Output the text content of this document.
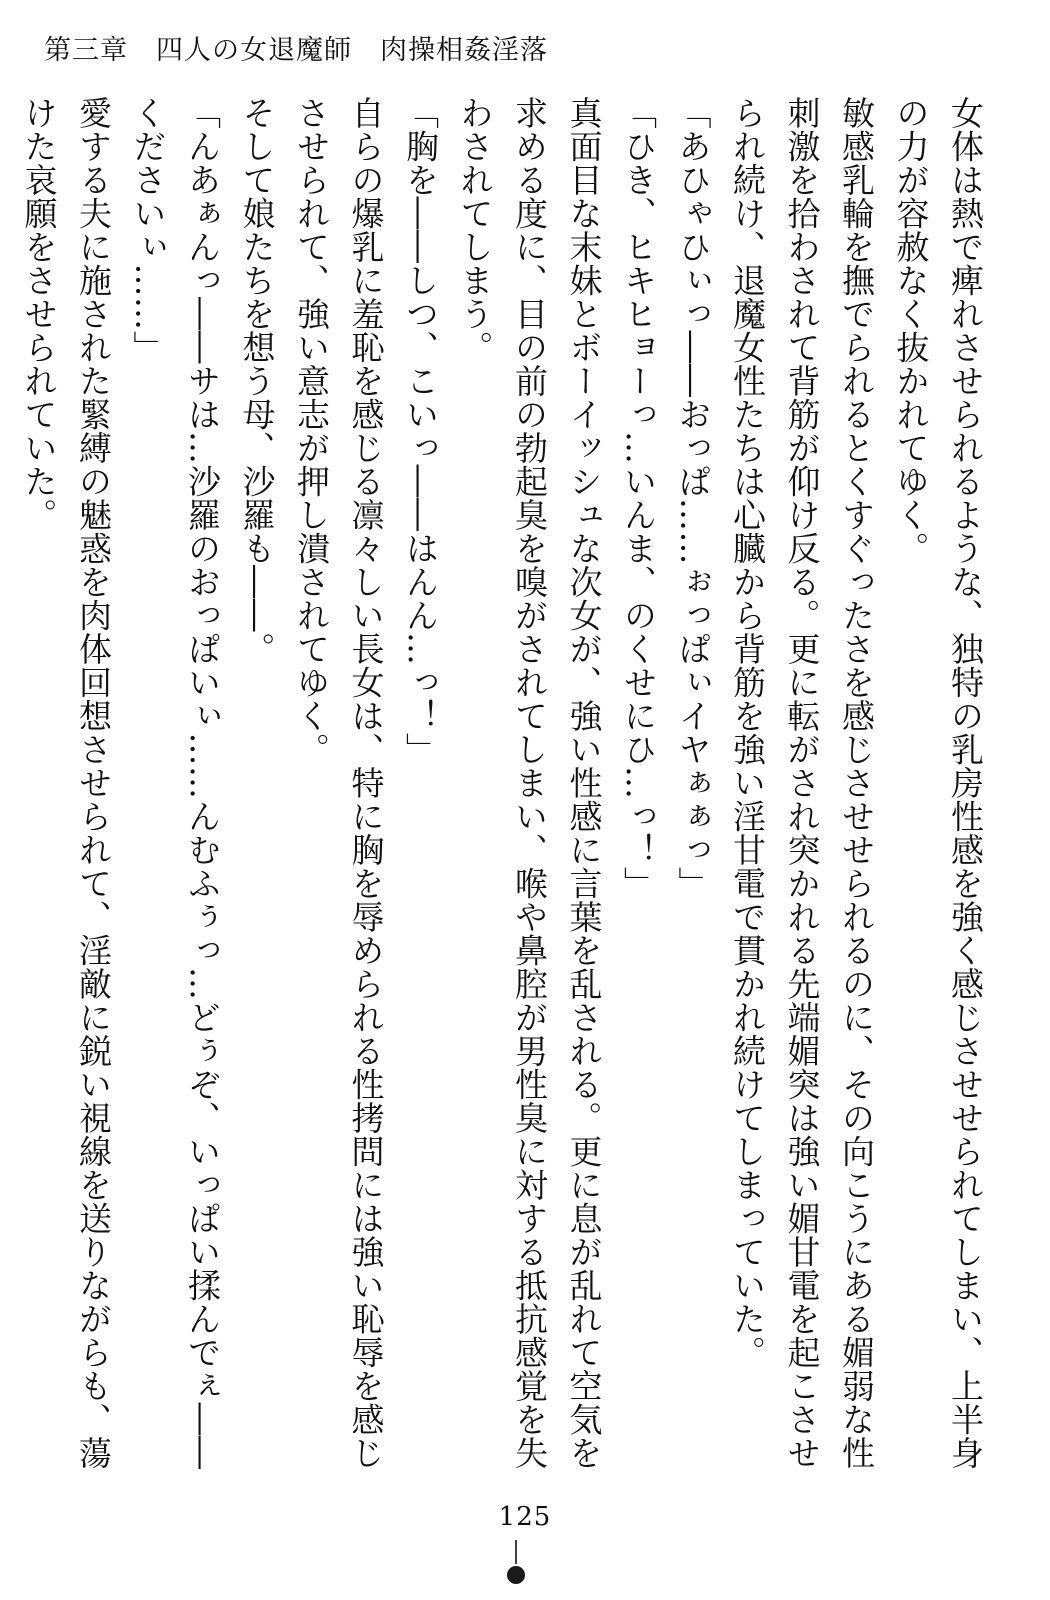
第三章　四人の女退魔師　肉操相姦淫落

女体は熱で痺れさせられるような、独特の乳房性感を強く感じさせせられてしまい、上半身の力が容赦なく抜かれてゆく。

敏感乳輪を撫でられるとくすぐったさを感じさせせられるのに、その向こうにある媚弱な性刺激を拾わされて背筋が仰け反る。更に転がされ突かれる先端媚突は強い媚甘電を起こさせられ続け、退魔女性たちは心臓から背筋を強い淫甘電で貫かれ続けてしまっていた。

「あひゃひぃっ――おっぱ……ぉっぱぃイヤぁぁっ」

「ひき、ヒキヒョーっ…いんま、のくせにひ…っ！」

真面目な末妹とボーイッシュな次女が、強い性感に言葉を乱される。更に息が乱れて空気を求める度に、目の前の勃起臭を嗅がされてしまい、喉や鼻腔が男性臭に対する抵抗感覚を失わされてしまう。

「胸を――しつ、こいっ――はんん…っ！」

自らの爆乳に羞恥を感じる凛々しい長女は、特に胸を辱められる性拷問には強い恥辱を感じさせられて、強い意志が押し潰されてゆく。

そして娘たちを想う母、沙羅も――。

「んあぁんっ――サは…沙羅のおっぱいぃ……んむふぅっ…どぅぞ、いっぱい揉んでぇ――くださいぃ……」

愛する夫に施された緊縛の魅惑を肉体回想させられて、淫敵に鋭い視線を送りながらも、蕩けた哀願をさせられていた。

125
